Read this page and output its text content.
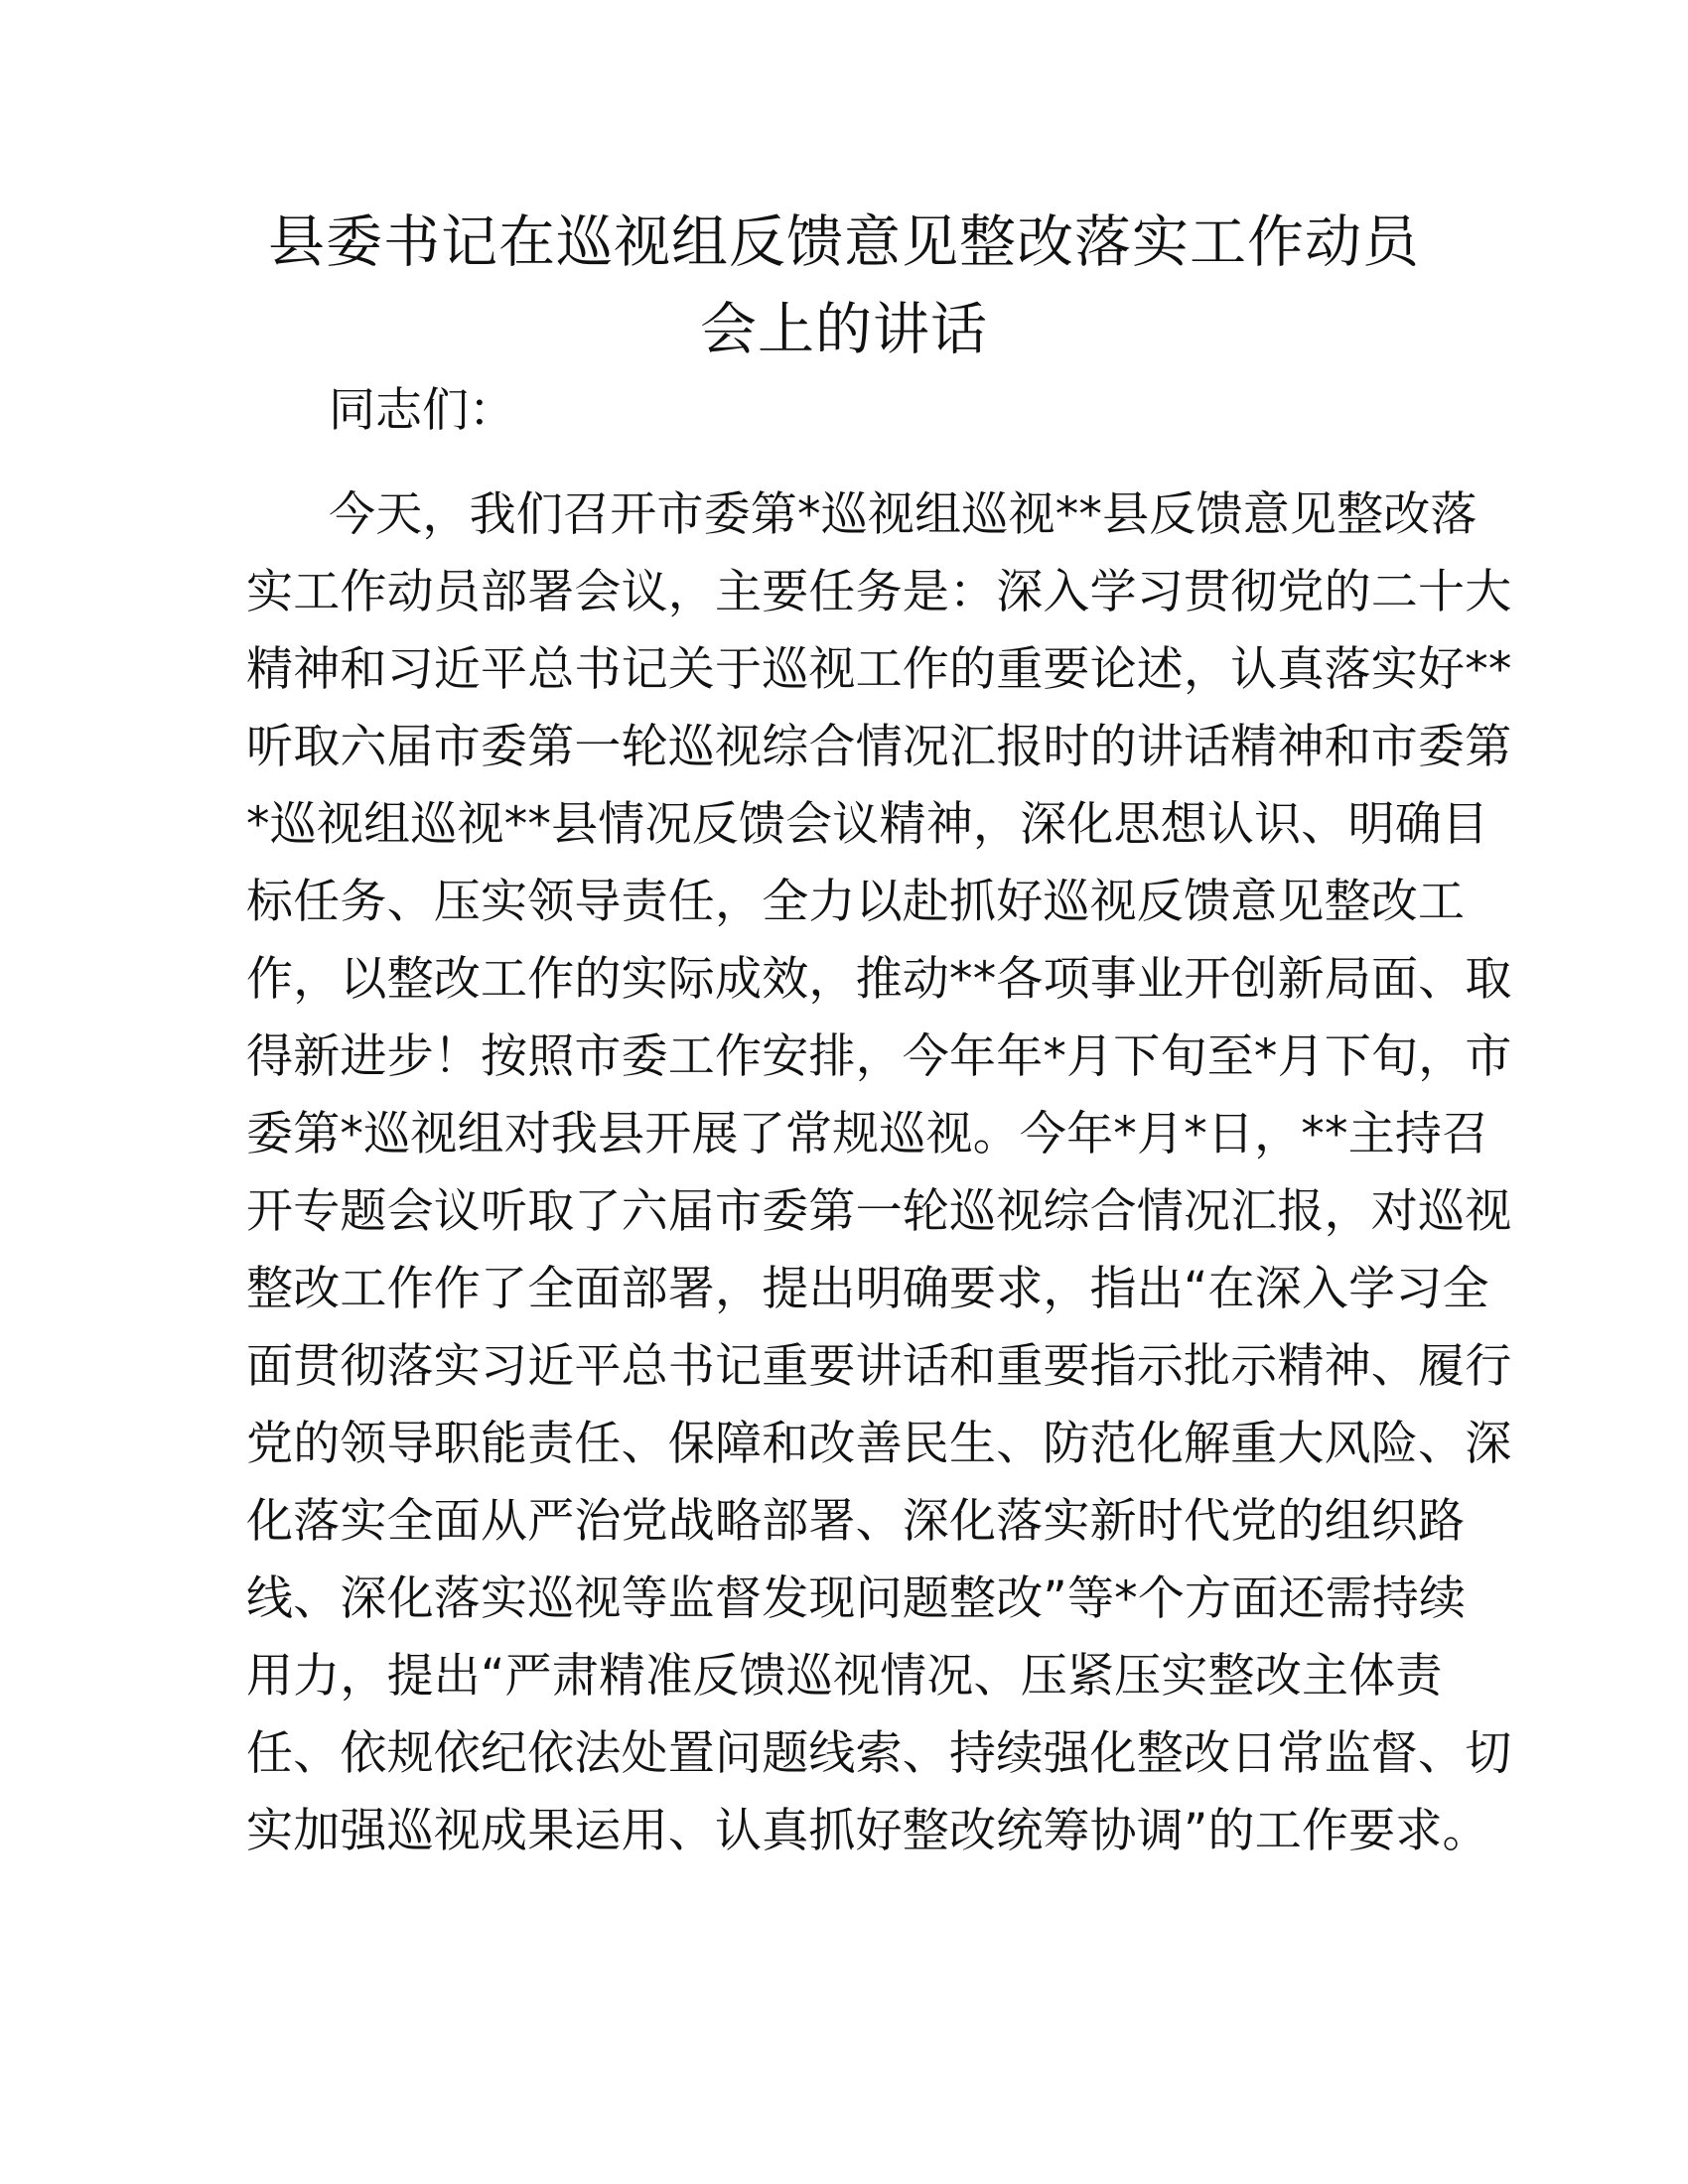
县委书记在巡视组反馈意见整改落实工作动员
会上的讲话

同志们：

今天，我们召开市委第*巡视组巡视**县反馈意见整改落
实工作动员部署会议，主要任务是：深入学习贯彻党的二十大
精神和习近平总书记关于巡视工作的重要论述，认真落实好**
听取六届市委第一轮巡视综合情况汇报时的讲话精神和市委第
*巡视组巡视**县情况反馈会议精神，深化思想认识、明确目
标任务、压实领导责任，全力以赴抓好巡视反馈意见整改工
作，以整改工作的实际成效，推动**各项事业开创新局面、取
得新进步！按照市委工作安排，今年年*月下旬至*月下旬，市
委第*巡视组对我县开展了常规巡视。今年*月*日，**主持召
开专题会议听取了六届市委第一轮巡视综合情况汇报，对巡视
整改工作作了全面部署，提出明确要求，指出“在深入学习全
面贯彻落实习近平总书记重要讲话和重要指示批示精神、履行
党的领导职能责任、保障和改善民生、防范化解重大风险、深
化落实全面从严治党战略部署、深化落实新时代党的组织路
线、深化落实巡视等监督发现问题整改”等*个方面还需持续
用力，提出“严肃精准反馈巡视情况、压紧压实整改主体责
任、依规依纪依法处置问题线索、持续强化整改日常监督、切
实加强巡视成果运用、认真抓好整改统筹协调”的工作要求。
